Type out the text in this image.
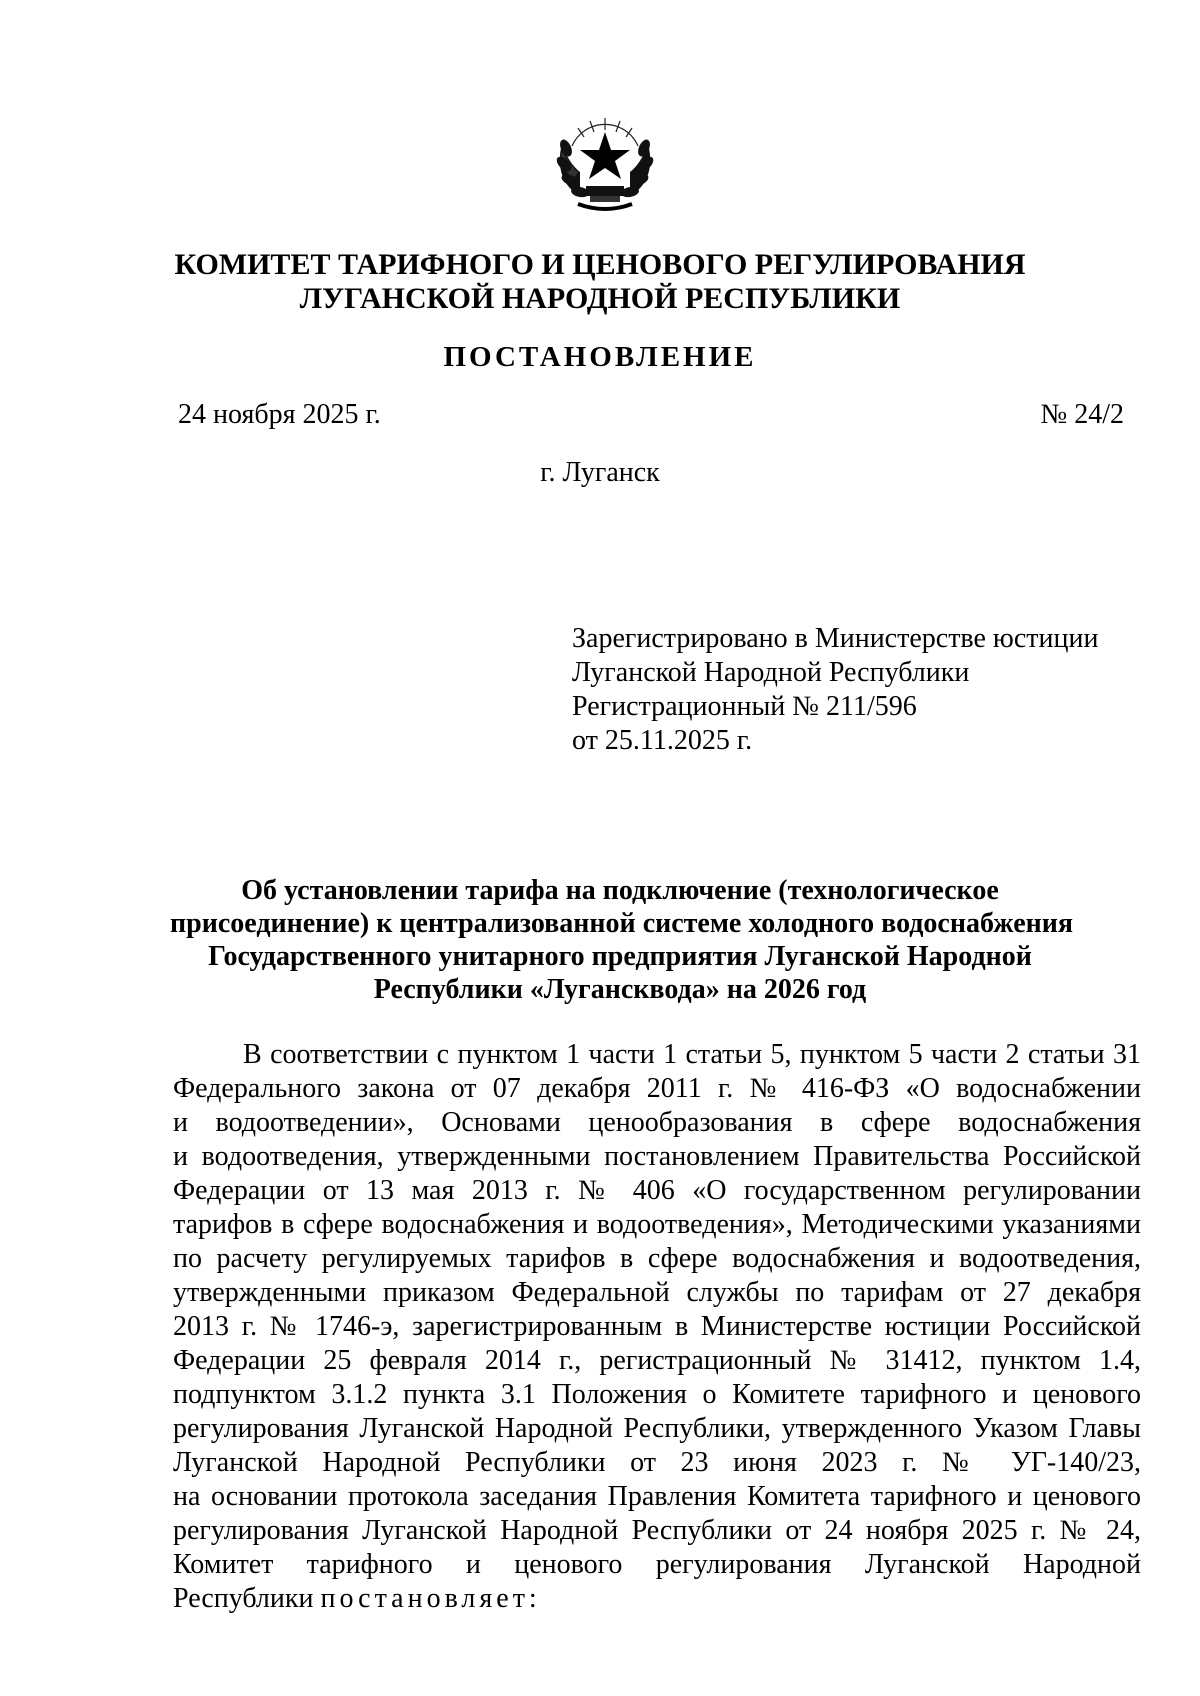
КОМИТЕТ ТАРИФНОГО И ЦЕНОВОГО РЕГУЛИРОВАНИЯ
ЛУГАНСКОЙ НАРОДНОЙ РЕСПУБЛИКИ
ПОСТАНОВЛЕНИЕ
24 ноября 2025 г.	№ 24/2
г. Луганск
Зарегистрировано в Министерстве юстиции
Луганской Народной Республики
Регистрационный № 211/596
от 25.11.2025 г.
Об установлении тарифа на подключение (технологическое
присоединение) к централизованной системе холодного водоснабжения
Государственного унитарного предприятия Луганской Народной
Республики «Лугансквода» на 2026 год

В соответствии с пунктом 1 части 1 статьи 5, пунктом 5 части 2 статьи 31
Федерального закона от 07 декабря 2011 г. № 416-ФЗ «О водоснабжении
и водоотведении», Основами ценообразования в сфере водоснабжения
и водоотведения, утвержденными постановлением Правительства Российской
Федерации от 13 мая 2013 г. № 406 «О государственном регулировании
тарифов в сфере водоснабжения и водоотведения», Методическими указаниями
по расчету регулируемых тарифов в сфере водоснабжения и водоотведения,
утвержденными приказом Федеральной службы по тарифам от 27 декабря
2013 г. № 1746-э, зарегистрированным в Министерстве юстиции Российской
Федерации 25 февраля 2014 г., регистрационный № 31412, пунктом 1.4,
подпунктом 3.1.2 пункта 3.1 Положения о Комитете тарифного и ценового
регулирования Луганской Народной Республики, утвержденного Указом Главы
Луганской Народной Республики от 23 июня 2023 г. № УГ-140/23,
на основании протокола заседания Правления Комитета тарифного и ценового
регулирования Луганской Народной Республики от 24 ноября 2025 г. № 24,
Комитет тарифного и ценового регулирования Луганской Народной
Республики постановляет:
